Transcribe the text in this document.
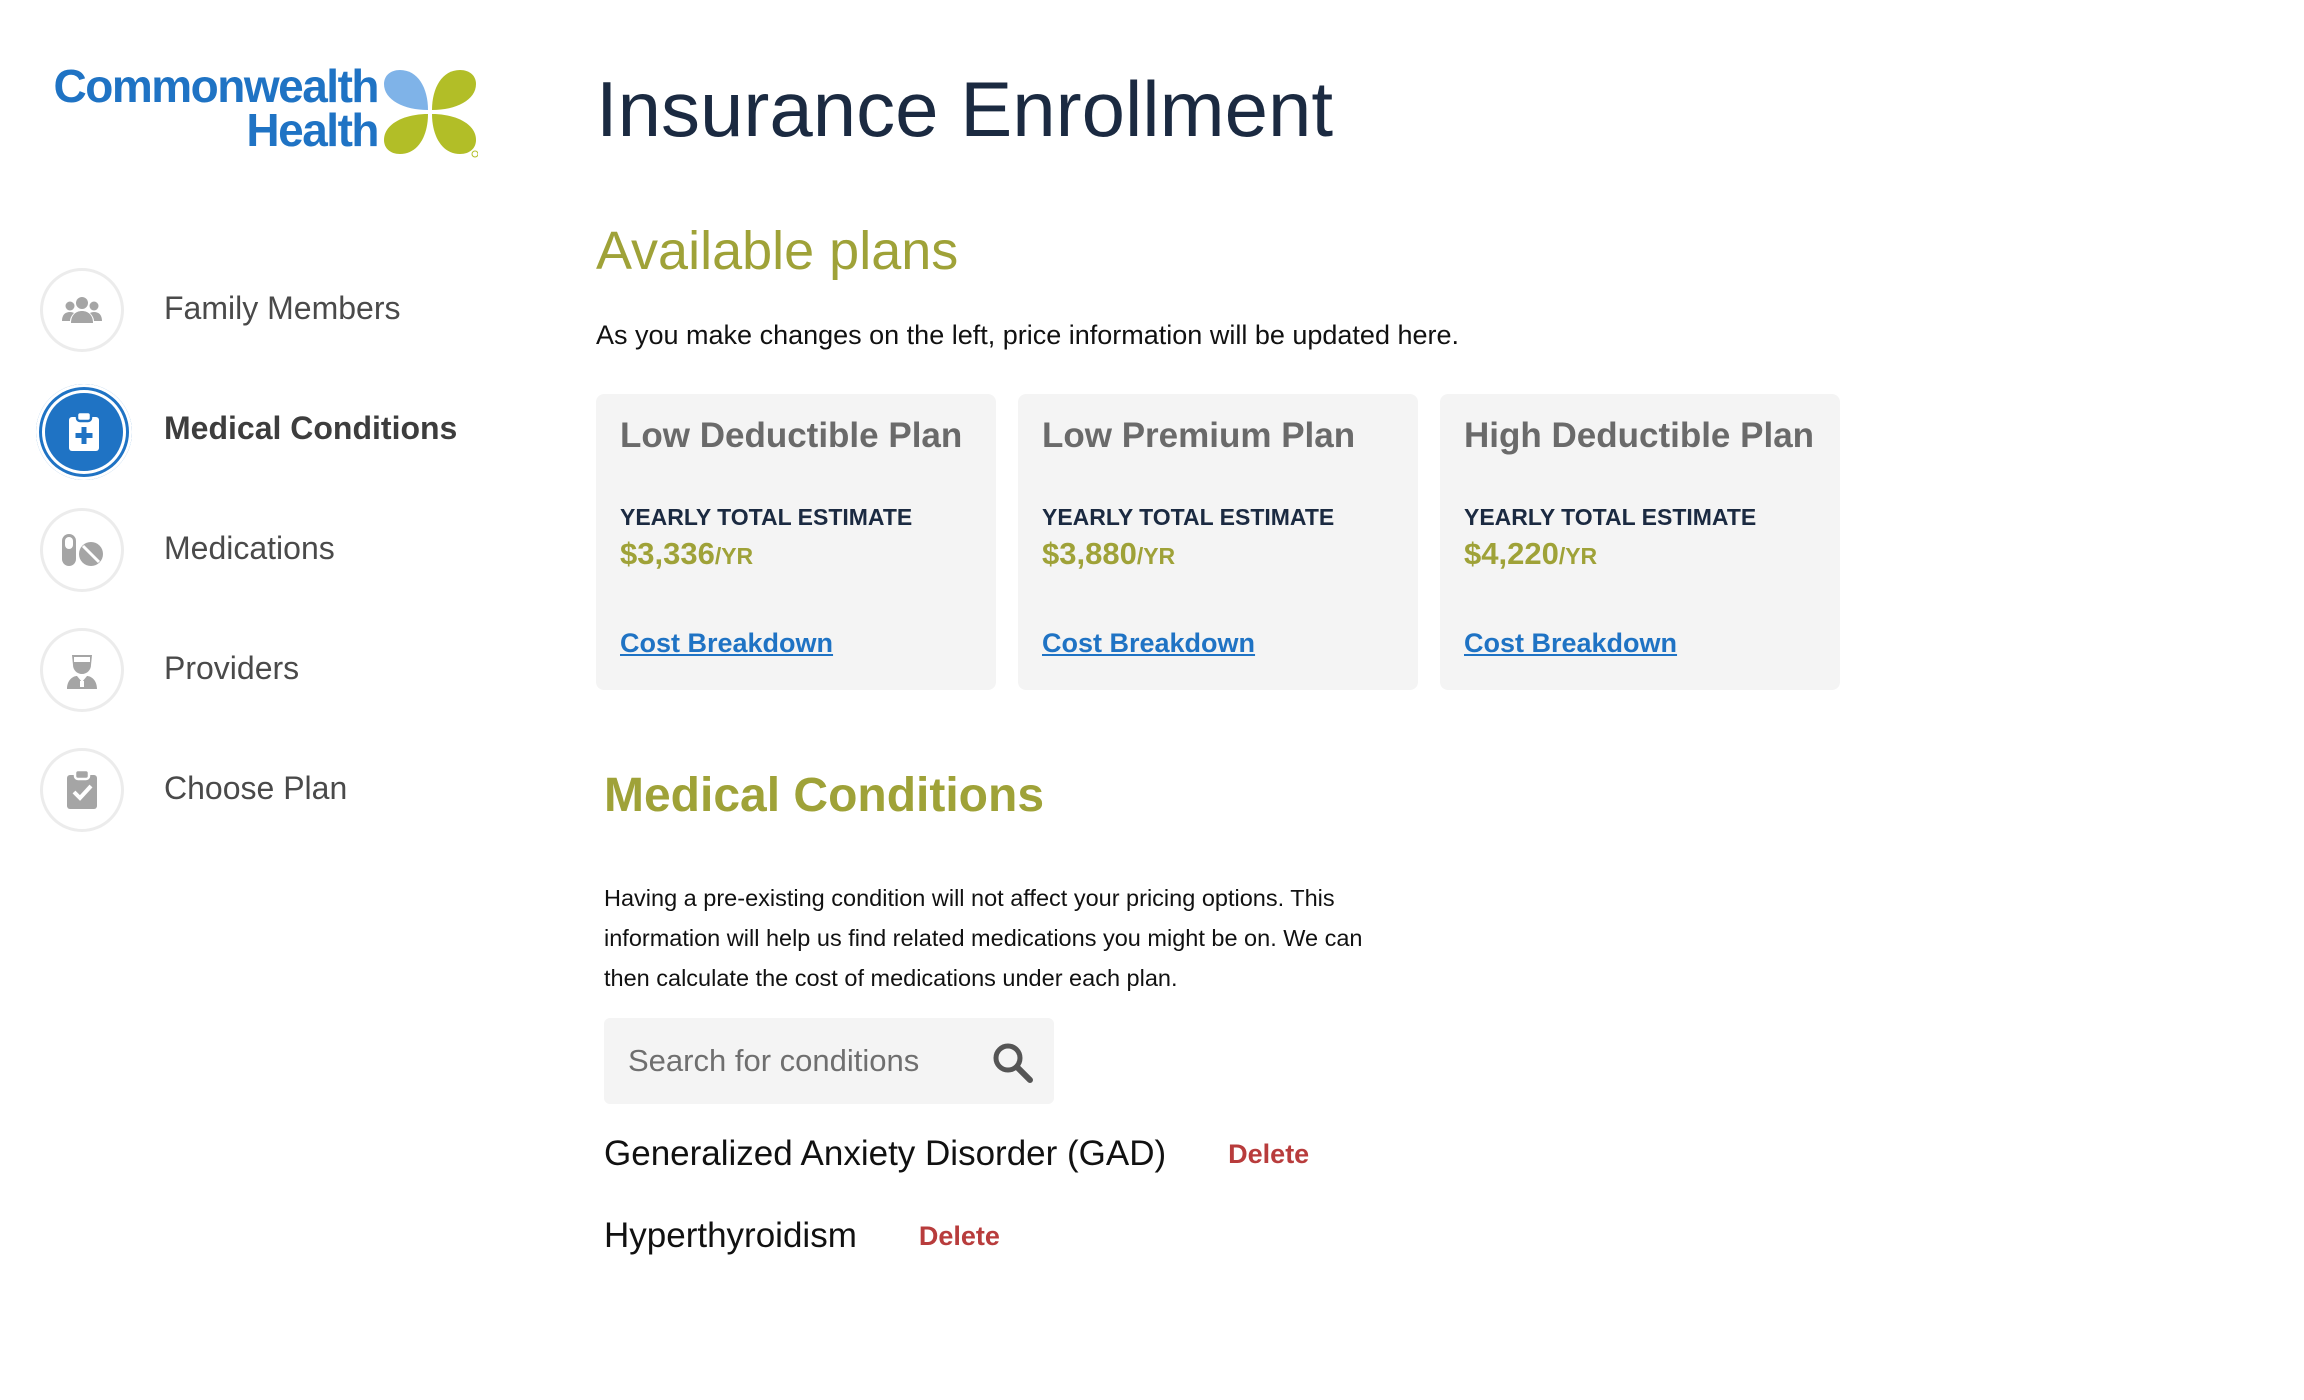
Commonwealth
Health
Family Members
Medical Conditions
Medications
Providers
Choose Plan
Insurance Enrollment
Available plans
As you make changes on the left, price information will be updated here.
Low Deductible Plan
YEARLY TOTAL ESTIMATE
$3,336/YR
Cost Breakdown
Low Premium Plan
YEARLY TOTAL ESTIMATE
$3,880/YR
Cost Breakdown
High Deductible Plan
YEARLY TOTAL ESTIMATE
$4,220/YR
Cost Breakdown
Medical Conditions

Having a pre-existing condition will not affect your pricing options. This information will help us find related medications you might be on. We can then calculate the cost of medications under each plan.

Search for conditions
Generalized Anxiety Disorder (GAD) Delete
Hyperthyroidism Delete
